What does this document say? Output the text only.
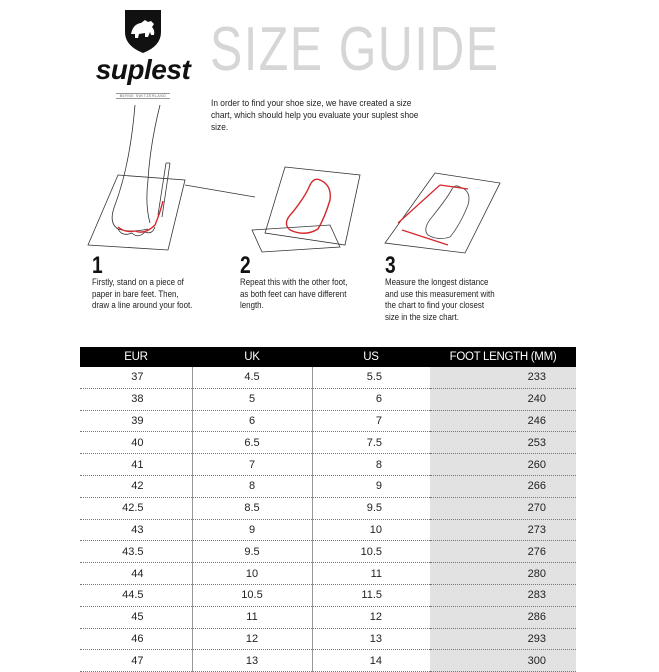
suplest
BERNE SWITZERLAND
SIZE GUIDE
In order to find your shoe size, we have created a size chart, which should help you evaluate your suplest shoe size.
1
Firstly, stand on a piece of
paper in bare feet. Then,
draw a line around your foot.
2
Repeat this with the other foot,
as both feet can have different
length.
3
Measure the longest distance
and use this measurement with
the chart to find your closest
size in the size chart.
EUR	UK	US	FOOT LENGTH (MM)
37	4.5	5.5	233
38	5	6	240
39	6	7	246
40	6.5	7.5	253
41	7	8	260
42	8	9	266
42.5	8.5	9.5	270
43	9	10	273
43.5	9.5	10.5	276
44	10	11	280
44.5	10.5	11.5	283
45	11	12	286
46	12	13	293
47	13	14	300
